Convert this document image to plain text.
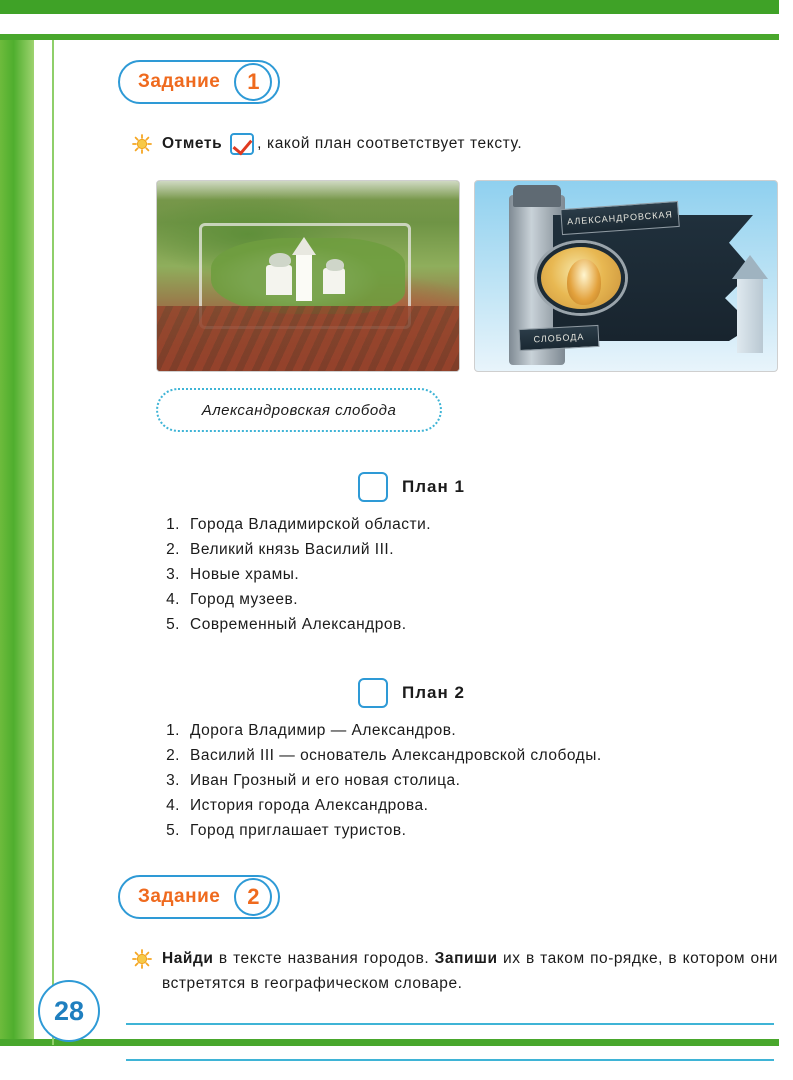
28
Задание	1
Отметь , какой план соответствует тексту.
АЛЕКСАНДРОВСКАЯ
СЛОБОДА
Александровская слобода
План 1
1. Города Владимирской области.
2. Великий князь Василий III.
3. Новые храмы.
4. Город музеев.
5. Современный Александров.
План 2
1. Дорога Владимир — Александров.
2. Василий III — основатель Александровской слободы.
3. Иван Грозный и его новая столица.
4. История города Александрова.
5. Город приглашает туристов.
Задание	2
Найди в тексте названия городов. Запиши их в таком по-рядке, в котором они встретятся в географическом словаре.
